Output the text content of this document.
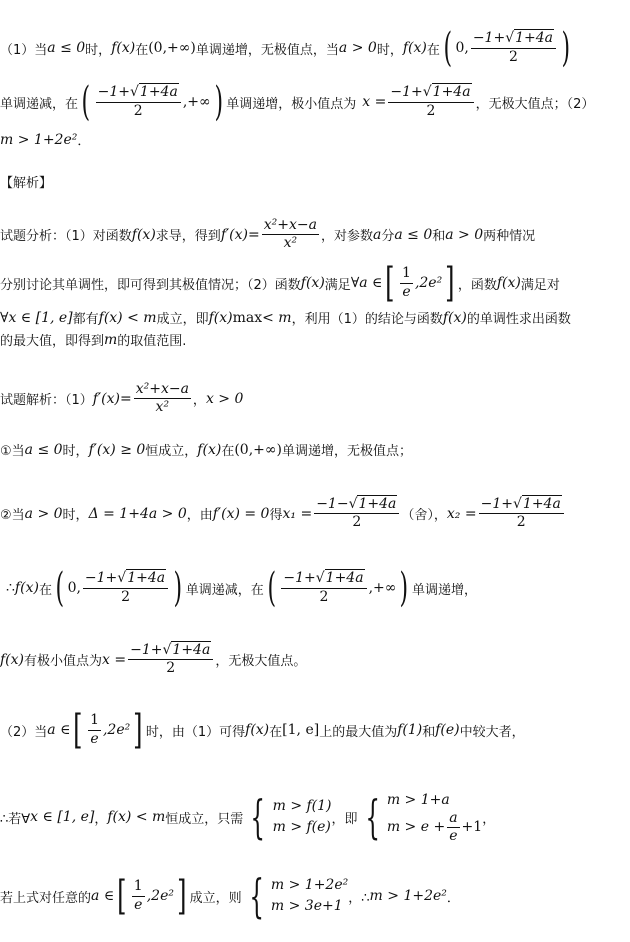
（1）当 a ≤ 0 时， f(x) 在 (0,+∞) 单调递增，无极值点，当 a > 0 时， f(x) 在 ( 0, $\frac{-1+√1+4a}{2}$ )
单调递减，在 ( $\frac{-1+√1+4a}{2}$ ,+∞ ) 单调递增，极小值点为 $x = \frac{-1+√1+4a}{2}$ ，无极大值点；（2）
m > 1+2e² ．
【解析】
试题分析：（1）对函数 f(x) 求导，得到 $f'(x)= \frac{\text{x²+x−a}}{\text{x²}}$ ，对参数 a 分 a ≤ 0 和 a > 0 两种情况
分别讨论其单调性，即可得到其极值情况；（2）函数 f(x) 满足 ∀a ∈ [ $\frac{1}{e} ,2e^2$ ] ，函数 f(x) 满足对
∀x ∈ [1, e] 都有 f(x) < m 成立，即 f(x) max < m ，利用（1）的结论与函数 f(x) 的单调性求出函数
的最大值，即得到 m 的取值范围.
试题解析：（1） $f'(x)= \frac{\text{x²+x−a}}{\text{x²}}$ ， x > 0
①当 a ≤ 0 时， f′(x) ≥ 0 恒成立， f(x) 在 (0,+∞) 单调递增，无极值点；
②当 a > 0 时， Δ = 1+4a > 0 ，由 f′(x) = 0 得 $x_1 = \frac{-1-√1+4a}{2}$ （舍）， $x_2 = \frac{-1+√1+4a}{2}$
∴ f(x) 在 ( 0, $\frac{-1+√1+4a}{2}$ ) 单调递减，在 ( $\frac{-1+√1+4a}{2}$ ,+∞ ) 单调递增，
f(x) 有极小值点为 $x = \frac{-1+√1+4a}{2}$ ，无极大值点。
（2）当 a ∈ [ $\frac{1}{e} ,2e^2$ ] 时，由（1）可得 f(x) 在 [1, e] 上的最大值为 f(1) 和 f(e) 中较大者，
∴若∀ x ∈ [1, e] ， f(x) < m 恒成立，只需 { m > f(1)
m > f(e) ，即 { m > 1+a
$m > e + \frac{a}{e} +1$ ，
若上式对任意的 a ∈ [ $\frac{1}{e} ,2e^2$ ] 成立，则 { m > 1+2e²
m > 3e+1 ，∴ m > 1+2e² ．
